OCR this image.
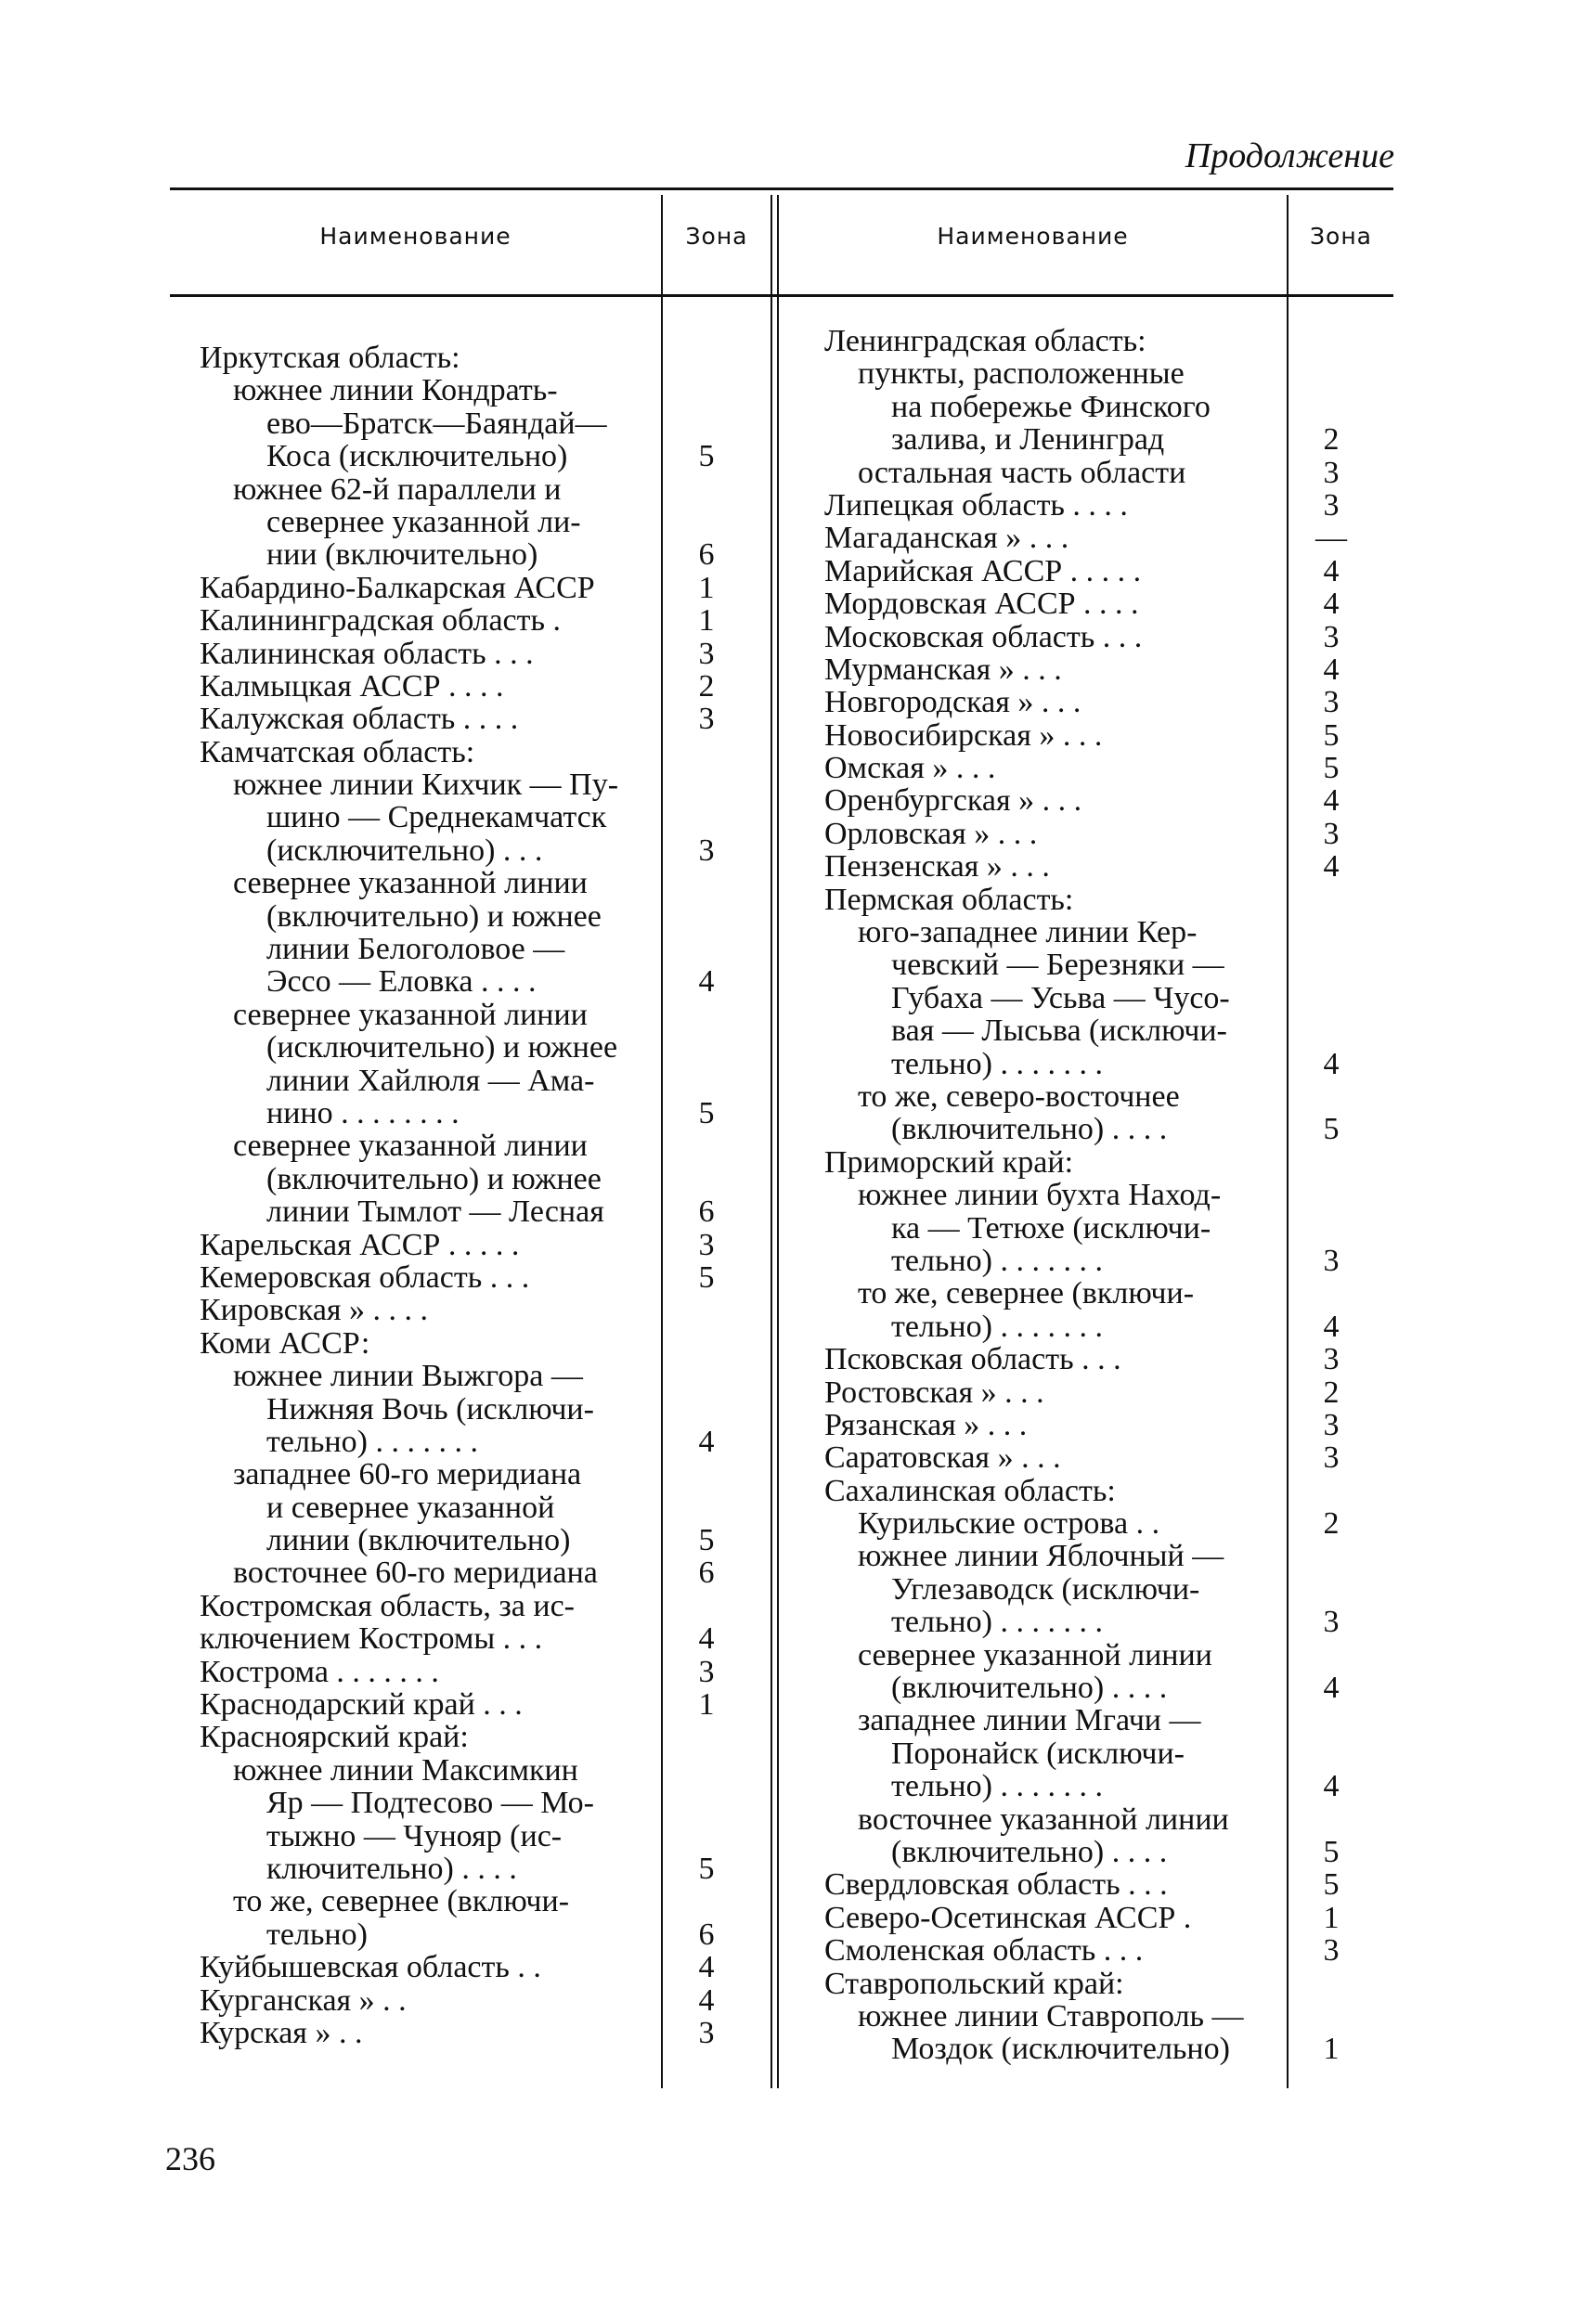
Продолжение
Наименование	Зона	Наименование	Зона
Иркутская область:
южнее линии Кондрать-
ево—Братск—Баяндай—
Коса (исключительно)	5
южнее 62-й параллели и
севернее указанной ли-
нии (включительно)	6
Кабардино-Балкарская АССР	1
Калининградская область .	1
Калининская область . . .	3
Калмыцкая АССР . . . .	2
Калужская область . . . .	3
Камчатская область:
южнее линии Кихчик — Пу-
шино — Среднекамчатск
(исключительно) . . .	3
севернее указанной линии
(включительно) и южнее
линии Белоголовое —
Эссо — Еловка . . . .	4
севернее указанной линии
(исключительно) и южнее
линии Хайлюля — Ама-
нино . . . . . . . .	5
севернее указанной линии
(включительно) и южнее
линии Тымлот — Лесная	6
Карельская АССР . . . . .	3
Кемеровская область . . .	5
Кировская » . . . .
Коми АССР:
южнее линии Выжгора —
Нижняя Вочь (исключи-
тельно) . . . . . . .	4
западнее 60-го меридиана
и севернее указанной
линии (включительно)	5
восточнее 60-го меридиана	6
Костромская область, за ис-
ключением Костромы . . .	4
Кострома . . . . . . .	3
Краснодарский край . . .	1
Красноярский край:
южнее линии Максимкин
Яр — Подтесово — Мо-
тыжно — Чунояр (ис-
ключительно) . . . .	5
то же, севернее (включи-
тельно)	6
Куйбышевская область . .	4
Курганская » . .	4
Курская » . .	3
Ленинградская область:
пункты, расположенные
на побережье Финского
залива, и Ленинград	2
остальная часть области	3
Липецкая область . . . .	3
Магаданская » . . .	—
Марийская АССР . . . . .	4
Мордовская АССР . . . .	4
Московская область . . .	3
Мурманская » . . .	4
Новгородская » . . .	3
Новосибирская » . . .	5
Омская » . . .	5
Оренбургская » . . .	4
Орловская » . . .	3
Пензенская » . . .	4
Пермская область:
юго-западнее линии Кер-
чевский — Березняки —
Губаха — Усьва — Чусо-
вая — Лысьва (исключи-
тельно) . . . . . . .	4
то же, северо-восточнее
(включительно) . . . .	5
Приморский край:
южнее линии бухта Наход-
ка — Тетюхе (исключи-
тельно) . . . . . . .	3
то же, севернее (включи-
тельно) . . . . . . .	4
Псковская область . . .	3
Ростовская » . . .	2
Рязанская » . . .	3
Саратовская » . . .	3
Сахалинская область:
Курильские острова . .	2
южнее линии Яблочный —
Углезаводск (исключи-
тельно) . . . . . . .	3
севернее указанной линии
(включительно) . . . .	4
западнее линии Мгачи —
Поронайск (исключи-
тельно) . . . . . . .	4
восточнее указанной линии
(включительно) . . . .	5
Свердловская область . . .	5
Северо-Осетинская АССР .	1
Смоленская область . . .	3
Ставропольский край:
южнее линии Ставрополь —
Моздок (исключительно)	1
236
